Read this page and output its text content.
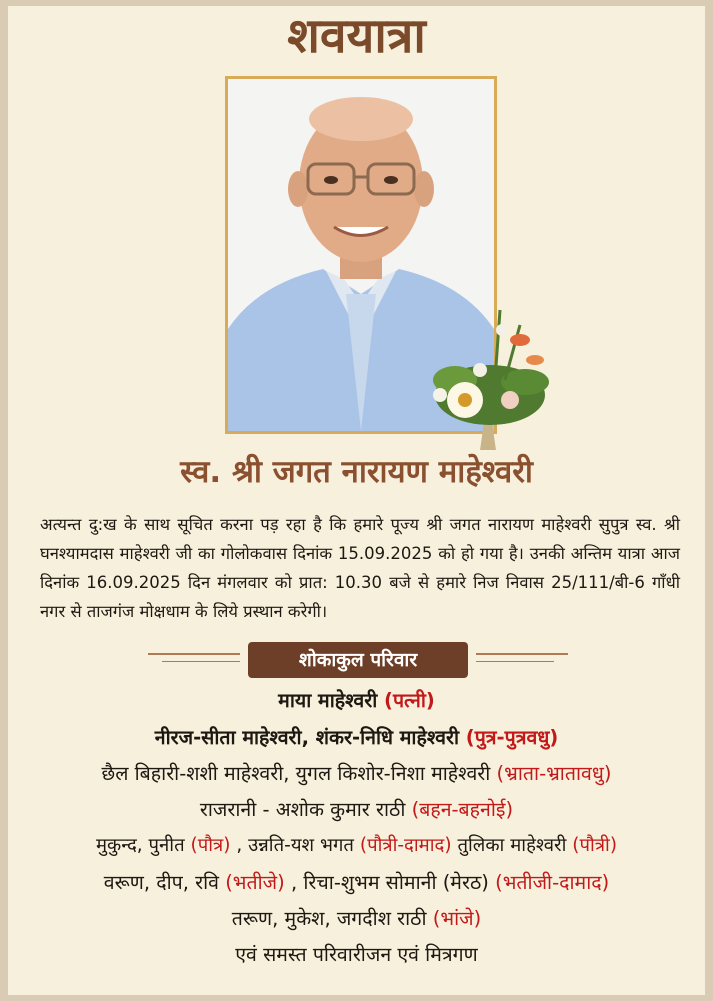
शवयात्रा
स्व. श्री जगत नारायण माहेश्वरी
अत्यन्त दु:ख के साथ सूचित करना पड़ रहा है कि हमारे पूज्य श्री जगत नारायण माहेश्वरी सुपुत्र स्व. श्री घनश्यामदास माहेश्वरी जी का गोलोकवास दिनांक 15.09.2025 को हो गया है। उनकी अन्तिम यात्रा आज दिनांक 16.09.2025 दिन मंगलवार को प्रात: 10.30 बजे से हमारे निज निवास 25/111/बी-6 गाँधी नगर से ताजगंज मोक्षधाम के लिये प्रस्थान करेगी।
शोकाकुल परिवार
माया माहेश्वरी (पत्नी)
नीरज-सीता माहेश्वरी, शंकर-निधि माहेश्वरी (पुत्र-पुत्रवधु)
छैल बिहारी-शशी माहेश्वरी, युगल किशोर-निशा माहेश्वरी (भ्राता-भ्रातावधु)
राजरानी - अशोक कुमार राठी (बहन-बहनोई)
मुकुन्द, पुनीत (पौत्र) , उन्नति-यश भगत (पौत्री-दामाद) तुलिका माहेश्वरी (पौत्री)
वरूण, दीप, रवि (भतीजे) , रिचा-शुभम सोमानी (मेरठ) (भतीजी-दामाद)
तरूण, मुकेश, जगदीश राठी (भांजे)
एवं समस्त परिवारीजन एवं मित्रगण
